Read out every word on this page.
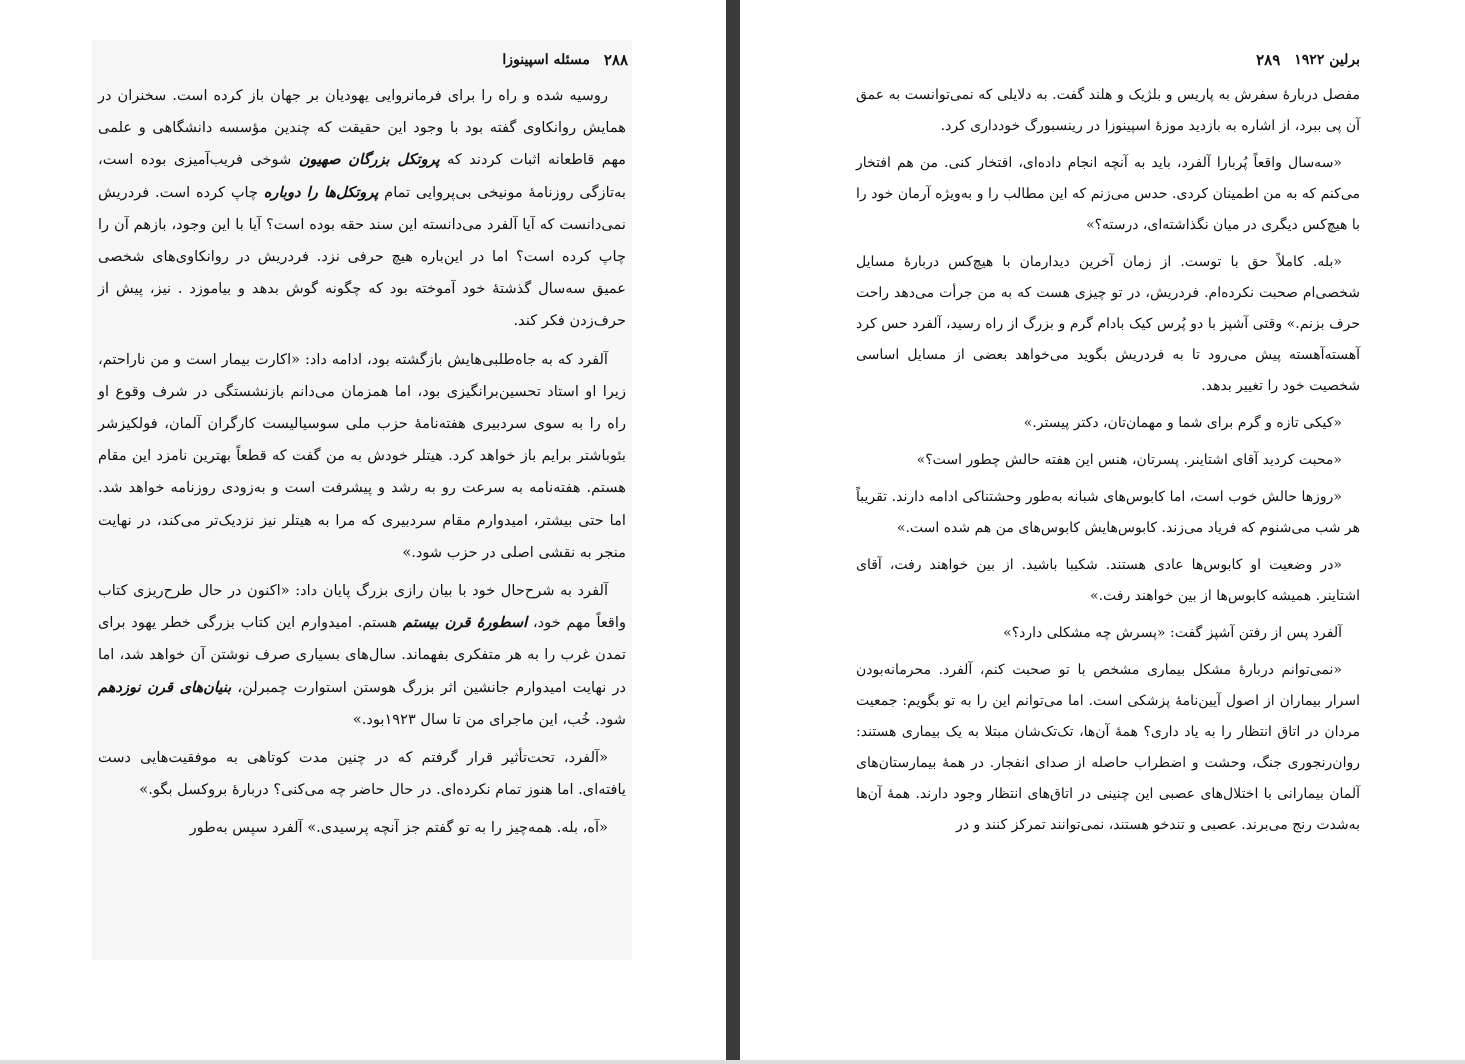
۲۸۸
مسئله اسپینوزا

روسیه شده و راه را برای فرمانروایی یهودیان بر جهان باز کرده است. سخنران در همایش روانکاوی گفته بود با وجود این حقیقت که چندین مؤسسه دانشگاهی و علمی مهم قاطعانه اثبات کردند که پروتکل بزرگان صهیون شوخی فریب‌آمیزی بوده است، به‌تازگی روزنامهٔ مونیخی بی‌پروایی تمام پروتکل‌ها را دوباره چاپ کرده است. فردریش نمی‌دانست که آیا آلفرد می‌دانسته این سند حقه بوده است؟ آیا با این وجود، بازهم آن را چاپ کرده است؟ اما در این‌باره هیچ حرفی نزد. فردریش در روانکاوی‌های شخصی عمیق سه‌سال گذشتهٔ خود آموخته بود که چگونه گوش بدهد و بیاموزد . نیز، پیش از حرف‌زدن فکر کند.

آلفرد که به جاه‌طلبی‌هایش بازگشته بود، ادامه داد: «اکارت بیمار است و من ناراحتم، زیرا او استاد تحسین‌برانگیزی بود، اما همزمان می‌دانم بازنشستگی در شرف وقوع او راه را به سوی سردبیری هفته‌نامهٔ حزب ملی سوسیالیست کارگران آلمان، فولکیزشر بئوباشتر برایم باز خواهد کرد. هیتلر خودش به من گفت که قطعاً بهترین نامزد این مقام هستم. هفته‌نامه به سرعت رو به رشد و پیشرفت است و به‌زودی روزنامه خواهد شد. اما حتی بیشتر، امیدوارم مقام سردبیری که مرا به هیتلر نیز نزدیک‌تر می‌کند، در نهایت منجر به نقشی اصلی در حزب شود.»

آلفرد به شرح‌حال خود با بیان رازی بزرگ پایان داد: «اکنون در حال طرح‌ریزی کتاب واقعاً مهم خود، اسطورهٔ قرن بیستم هستم. امیدوارم این کتاب بزرگی خطر یهود برای تمدن غرب را به هر متفکری بفهماند. سال‌های بسیاری صرف نوشتن آن خواهد شد، اما در نهایت امیدوارم جانشین اثر بزرگ هوستن استوارت چمبرلن، بنیان‌های قرن نوزدهم شود. خُب، این ماجرای من تا سال ۱۹۲۳بود.»

«آلفرد، تحت‌تأثیر قرار گرفتم که در چنین مدت کوتاهی به موفقیت‌هایی دست یافته‌ای. اما هنوز تمام نکرده‌ای. در حال حاضر چه می‌کنی؟ دربارهٔ بروکسل بگو.»

«آه، بله. همه‌چیز را به تو گفتم جز آنچه پرسیدی.» آلفرد سپس به‌طور

برلین ۱۹۲۲
۲۸۹

مفصل دربارهٔ سفرش به پاریس و بلژیک و هلند گفت. به دلایلی که نمی‌توانست به عمق آن پی ببرد، از اشاره به بازدید موزهٔ اسپینوزا در رینسبورگ خودداری کرد.

«سه‌سال واقعاً پُربارا آلفرد، باید به آنچه انجام داده‌ای، افتخار کنی. من هم افتخار می‌کنم که به من اطمینان کردی. حدس می‌زنم که این مطالب را و به‌ویژه آرمان خود را با هیچ‌کس دیگری در میان نگذاشته‌ای، درسته؟»

«بله. کاملاً حق با توست. از زمان آخرین دیدارمان با هیچ‌کس دربارهٔ مسایل شخصی‌ام صحبت نکرده‌ام. فردریش، در تو چیزی هست که به من جرأت می‌دهد راحت حرف بزنم.» وقتی آشپز با دو پُرس کیک بادام گرم و بزرگ از راه رسید، آلفرد حس کرد آهسته‌آهسته پیش می‌رود تا به فردریش بگوید می‌خواهد بعضی از مسایل اساسی شخصیت خود را تغییر بدهد.

«کیکی تازه و گرم برای شما و مهمان‌تان، دکتر پیستر.»

«محبت کردید آقای اشتاینر. پسرتان، هنس این هفته حالش چطور است؟»

«روزها حالش خوب است، اما کابوس‌های شبانه به‌طور وحشتناکی ادامه دارند. تقریباً هر شب می‌شنوم که فریاد می‌زند. کابوس‌هایش کابوس‌های من هم شده است.»

«در وضعیت او کابوس‌ها عادی هستند. شکیبا باشید. از بین خواهند رفت، آقای اشتاینر. همیشه کابوس‌ها از بین خواهند رفت.»

آلفرد پس از رفتن آشپز گفت: «پسرش چه مشکلی دارد؟»

«نمی‌توانم دربارهٔ مشکل بیماری مشخص با تو صحبت کنم، آلفرد. محرمانه‌بودن اسرار بیماران از اصول آیین‌نامهٔ پزشکی است. اما می‌توانم این را به تو بگویم: جمعیت مردان در اتاق انتظار را به یاد داری؟ همهٔ آن‌ها، تک‌تک‌شان مبتلا به یک بیماری هستند: روان‌رنجوری جنگ، وحشت و اضطراب حاصله از صدای انفجار. در همهٔ بیمارستان‌های آلمان بیمارانی با اختلال‌های عصبی این چنینی در اتاق‌های انتظار وجود دارند. همهٔ آن‌ها به‌شدت رنج می‌برند. عصبی و تندخو هستند، نمی‌توانند تمرکز کنند و در
